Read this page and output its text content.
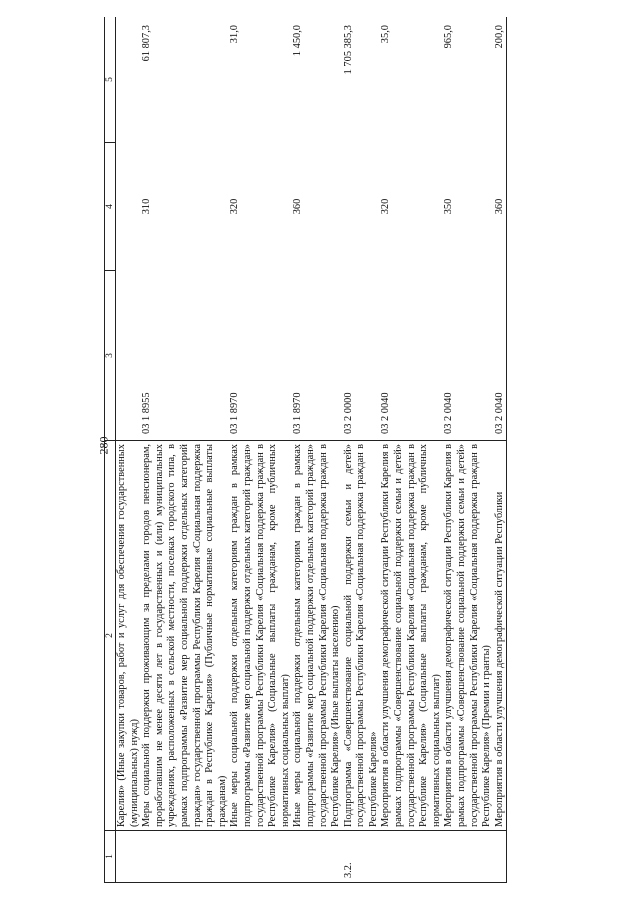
280
1	2	3	4	5
	Карелия» (Иные закупки товаров, работ и услуг для обеспечения государственных (муниципальных) нужд)			
	Меры социальной поддержки проживающим за пределами городов пенсионерам, проработавшим не менее десяти лет в государственных и (или) муниципальных учреждениях, расположенных в сельской местности, поселках городского типа, в рамках подпрограммы «Развитие мер социальной поддержки отдельных категорий граждан» государственной программы Республики Карелия «Социальная поддержка граждан в Республике Карелия» (Публичные нормативные социальные выплаты гражданам)	03 1 8955	310	61 807,3
	Иные меры социальной поддержки отдельным категориям граждан в рамках подпрограммы «Развитие мер социальной поддержки отдельных категорий граждан» государственной программы Республики Карелия «Социальная поддержка граждан в Республике Карелия» (Социальные выплаты гражданам, кроме публичных нормативных социальных выплат)	03 1 8970	320	31,0
	Иные меры социальной поддержки отдельным категориям граждан в рамках подпрограммы «Развитие мер социальной поддержки отдельных категорий граждан» государственной программы Республики Карелия «Социальная поддержка граждан в Республике Карелия» (Иные выплаты населению)	03 1 8970	360	1 450,0
3.2.	Подпрограмма «Совершенствование социальной поддержки семьи и детей» государственной программы Республики Карелия «Социальная поддержка граждан в Республике Карелия»	03 2 0000		1 705 385,3
	Мероприятия в области улучшения демографической ситуации Республики Карелия в рамках подпрограммы «Совершенствование социальной поддержки семьи и детей» государственной программы Республики Карелия «Социальная поддержка граждан в Республике Карелия» (Социальные выплаты гражданам, кроме публичных нормативных социальных выплат)	03 2 0040	320	35,0
	Мероприятия в области улучшения демографической ситуации Республики Карелия в рамках подпрограммы «Совершенствование социальной поддержки семьи и детей» государственной программы Республики Карелия «Социальная поддержка граждан в Республике Карелия» (Премии и гранты)	03 2 0040	350	965,0
	Мероприятия в области улучшения демографической ситуации Республики	03 2 0040	360	200,0
